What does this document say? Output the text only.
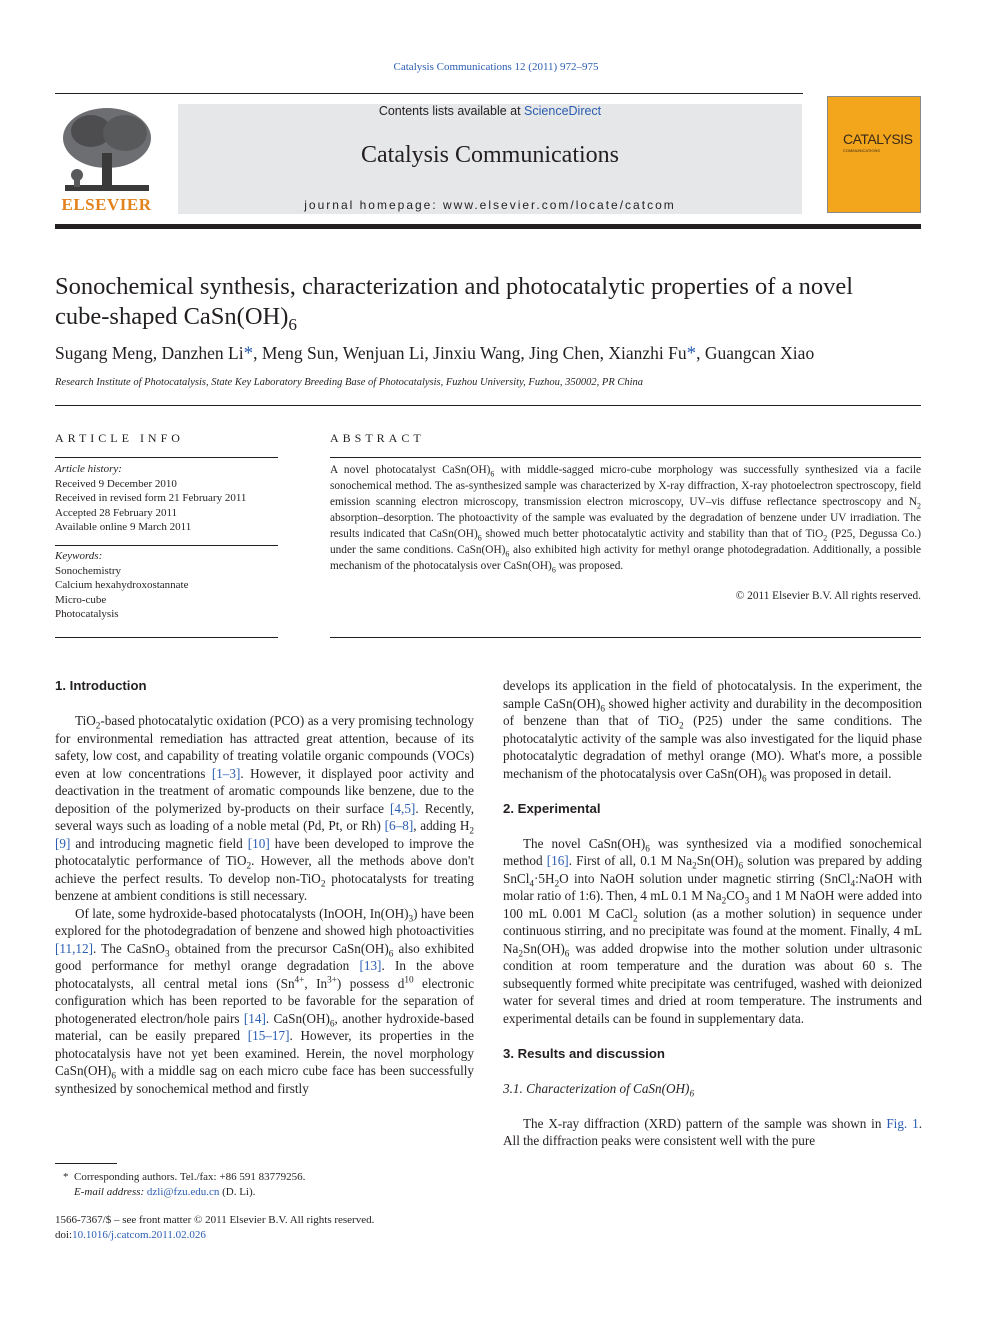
Catalysis Communications 12 (2011) 972–975
ELSEVIER
Contents lists available at ScienceDirect
Catalysis Communications
journal homepage: www.elsevier.com/locate/catcom
CATALYSIS
COMMUNICATIONS
Sonochemical synthesis, characterization and photocatalytic properties of a novel
cube-shaped $CaSn(OH)_6$
Sugang Meng, Danzhen Li*, Meng Sun, Wenjuan Li, Jinxiu Wang, Jing Chen, Xianzhi Fu*, Guangcan Xiao
Research Institute of Photocatalysis, State Key Laboratory Breeding Base of Photocatalysis, Fuzhou University, Fuzhou, 350002, PR China
ARTICLE INFO
Article history:
Received 9 December 2010
Received in revised form 21 February 2011
Accepted 28 February 2011
Available online 9 March 2011
Keywords:
Sonochemistry
Calcium hexahydroxostannate
Micro-cube
Photocatalysis
ABSTRACT
A novel photocatalyst $CaSn(OH)_6$ with middle-sagged micro-cube morphology was successfully synthesized via a facile sonochemical method. The as-synthesized sample was characterized by X-ray diffraction, X-ray photoelectron spectroscopy, field emission scanning electron microscopy, transmission electron microscopy, UV–vis diffuse reflectance spectroscopy and $N_2$ absorption–desorption. The photoactivity of the sample was evaluated by the degradation of benzene under UV irradiation. The results indicated that $CaSn(OH)_6$ showed much better photocatalytic activity and stability than that of TiO$_2$ (P25, Degussa Co.) under the same conditions. $CaSn(OH)_6$ also exhibited high activity for methyl orange photodegradation. Additionally, a possible mechanism of the photocatalysis over $CaSn(OH)_6$ was proposed.
© 2011 Elsevier B.V. All rights reserved.
1. Introduction

TiO$_2$-based photocatalytic oxidation (PCO) as a very promising technology for environmental remediation has attracted great attention, because of its safety, low cost, and capability of treating volatile organic compounds (VOCs) even at low concentrations [1–3]. However, it displayed poor activity and deactivation in the treatment of aromatic compounds like benzene, due to the deposition of the polymerized by-products on their surface [4,5]. Recently, several ways such as loading of a noble metal (Pd, Pt, or Rh) [6–8], adding $H_2$ [9] and introducing magnetic field [10] have been developed to improve the photocatalytic performance of TiO$_2$. However, all the methods above don't achieve the perfect results. To develop non-TiO$_2$ photocatalysts for treating benzene at ambient conditions is still necessary.

Of late, some hydroxide-based photocatalysts (InOOH, $In(OH)_3$) have been explored for the photodegradation of benzene and showed high photoactivities [11,12]. The CaSnO$_3$ obtained from the precursor $CaSn(OH)_6$ also exhibited good performance for methyl orange degradation [13]. In the above photocatalysts, all central metal ions ($Sn^{4+}$, $In^{3+}$) possess $d^{10}$ electronic configuration which has been reported to be favorable for the separation of photogenerated electron/hole pairs [14]. $CaSn(OH)_6$, another hydroxide-based material, can be easily prepared [15–17]. However, its properties in the photocatalysis have not yet been examined. Herein, the novel morphology $CaSn(OH)_6$ with a middle sag on each micro cube face has been successfully synthesized by sonochemical method and firstly

develops its application in the field of photocatalysis. In the experiment, the sample $CaSn(OH)_6$ showed higher activity and durability in the decomposition of benzene than that of TiO$_2$ (P25) under the same conditions. The photocatalytic activity of the sample was also investigated for the liquid phase photocatalytic degradation of methyl orange (MO). What's more, a possible mechanism of the photocatalysis over $CaSn(OH)_6$ was proposed in detail.

2. Experimental

The novel $CaSn(OH)_6$ was synthesized via a modified sonochemical method [16]. First of all, 0.1 M $Na_2Sn(OH)_6$ solution was prepared by adding $SnCl_4\cdot 5H_2O$ into NaOH solution under magnetic stirring (SnCl$_4$:NaOH with molar ratio of 1:6). Then, 4 mL 0.1 M $Na_2CO_3$ and 1 M NaOH were added into 100 mL 0.001 M CaCl$_2$ solution (as a mother solution) in sequence under continuous stirring, and no precipitate was found at the moment. Finally, 4 mL $Na_2Sn(OH)_6$ was added dropwise into the mother solution under ultrasonic condition at room temperature and the duration was about 60 s. The subsequently formed white precipitate was centrifuged, washed with deionized water for several times and dried at room temperature. The instruments and experimental details can be found in supplementary data.

3. Results and discussion
3.1. Characterization of $CaSn(OH)_6$

The X-ray diffraction (XRD) pattern of the sample was shown in Fig. 1. All the diffraction peaks were consistent well with the pure

* Corresponding authors. Tel./fax: +86 591 83779256.
E-mail address: dzli@fzu.edu.cn (D. Li).
1566-7367/$ – see front matter © 2011 Elsevier B.V. All rights reserved.
doi:10.1016/j.catcom.2011.02.026
